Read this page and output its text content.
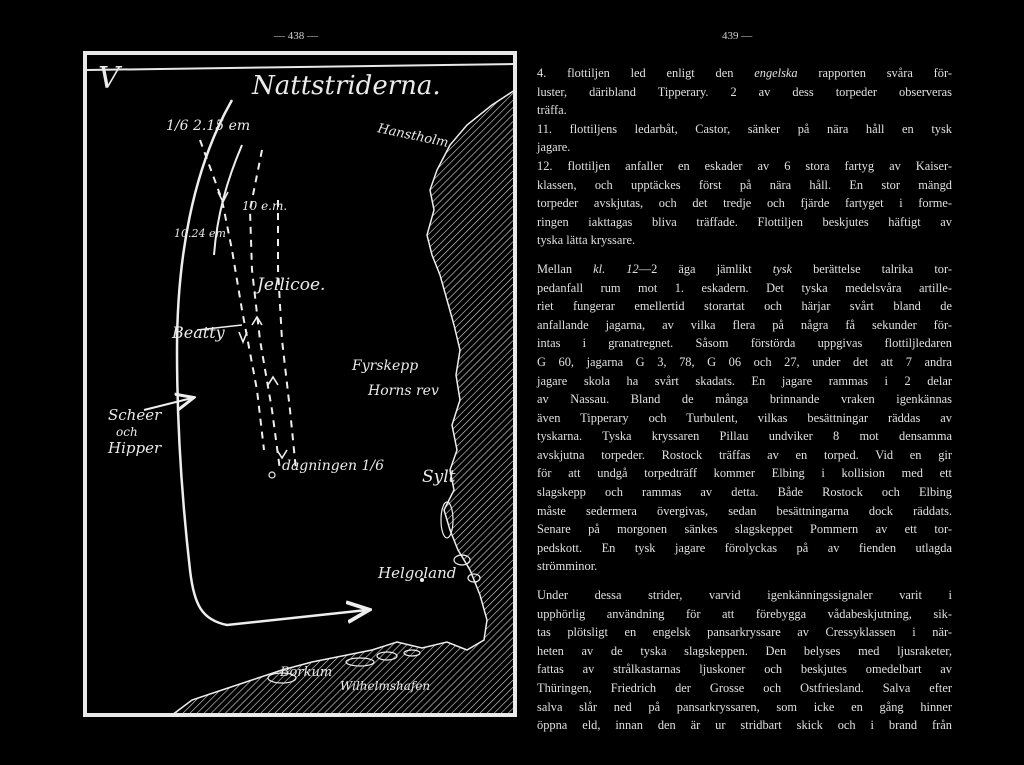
— 438 —	439 —
V	Nattstriderna.
1/6 2.15 em	Hanstholm
10 e.m.
10.24 em
Jellicoe.
Beatty
Fyrskepp
Horns rev
Scheer
och
Hipper
dagningen 1/6
Sylt
Helgoland
Borkum
Wilhelmshafen

4. flottiljen led enligt den engelska rapporten svåra för-
luster, däribland Tipperary. 2 av dess torpeder observeras
träffa.

11. flottiljens ledarbåt, Castor, sänker på nära håll en tysk
jagare.

12. flottiljen anfaller en eskader av 6 stora fartyg av Kaiser-
klassen, och upptäckes först på nära håll. En stor mängd
torpeder avskjutas, och det tredje och fjärde fartyget i forme-
ringen iakttagas bliva träffade. Flottiljen beskjutes häftigt av
tyska lätta kryssare.

Mellan kl. 12—2 äga jämlikt tysk berättelse talrika tor-
pedanfall rum mot 1. eskadern. Det tyska medelsvåra artille-
riet fungerar emellertid storartat och härjar svårt bland de
anfallande jagarna, av vilka flera på några få sekunder för-
intas i granatregnet. Såsom förstörda uppgivas flottiljledaren
G 60, jagarna G 3, 78, G 06 och 27, under det att 7 andra
jagare skola ha svårt skadats. En jagare rammas i 2 delar
av Nassau. Bland de många brinnande vraken igenkännas
även Tipperary och Turbulent, vilkas besättningar räddas av
tyskarna. Tyska kryssaren Pillau undviker 8 mot densamma
avskjutna torpeder. Rostock träffas av en torped. Vid en gir
för att undgå torpedträff kommer Elbing i kollision med ett
slagskepp och rammas av detta. Både Rostock och Elbing
måste sedermera övergivas, sedan besättningarna dock räddats.
Senare på morgonen sänkes slagskeppet Pommern av ett tor-
pedskott. En tysk jagare förolyckas på av fienden utlagda
strömminor.

Under dessa strider, varvid igenkänningssignaler varit i
upphörlig användning för att förebygga vådabeskjutning, sik-
tas plötsligt en engelsk pansarkryssare av Cressyklassen i när-
heten av de tyska slagskeppen. Den belyses med ljusraketer,
fattas av strålkastarnas ljuskoner och beskjutes omedelbart av
Thüringen, Friedrich der Grosse och Ostfriesland. Salva efter
salva slår ned på pansarkryssaren, som icke en gång hinner
öppna eld, innan den är ur stridbart skick och i brand från
